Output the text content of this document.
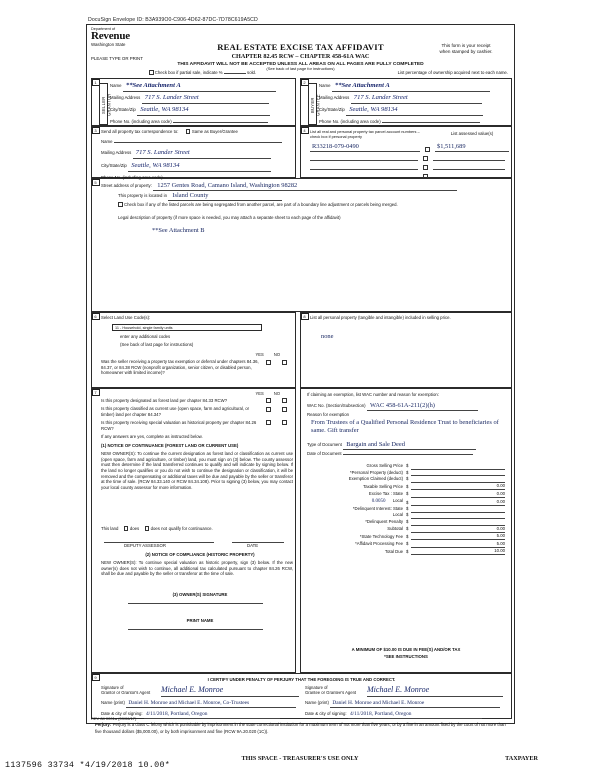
DocuSign Envelope ID: B3A939O0-C906-4D62-87DC-7D78C619A5CD
Department of
Revenue
Washington State	REAL ESTATE EXCISE TAX AFFIDAVIT
CHAPTER 82.45 RCW – CHAPTER 458-61A WAC
THIS AFFIDAVIT WILL NOT BE ACCEPTED UNLESS ALL AREAS ON ALL PAGES ARE FULLY COMPLETED
This form is your receipt
when stamped by cashier.
(See back of last page for instructions)
PLEASE TYPE OR PRINT
Check box if partial sale, indicate %	sold.	List percentage of ownership acquired next to each name.
1
SELLER GRANTOR
Name **See Attachment A
Mailing Address 717 S. Lander Street
City/State/Zip Seattle, WA 98134
Phone No. (including area code)
2
BUYER GRANTEE
Name **See Attachment A
Mailing Address 717 S. Lander Street
City/State/Zip Seattle, WA 98134
Phone No. (including area code)
3	Send all property tax correspondence to:	Same as Buyer/Grantee
Name
Mailing Address 717 S. Lander Street
City/State/Zip Seattle, WA 98134
Phone No. (including area code)
4	List all real and personal property tax parcel account numbers – check box if personal property
List assessed value(s)
R33218-079-0490	$1,511,689
5
Street address of property: 1257 Gentes Road, Camano Island, Washington 98282
This property is located in Island County
Check box if any of the listed parcels are being segregated from another parcel, are part of a boundary line adjustment or parcels being merged.
Legal description of property (if more space is needed, you may attach a separate sheet to each page of the affidavit)
**See Attachment B
6	Select Land Use Code(s):
11 - Household, single family units
enter any additional codes
(See back of last page for instructions)
YES NO
Was the seller receiving a property tax exemption or deferral under chapters 84.36, 84.37, or 84.38 RCW (nonprofit organization, senior citizen, or disabled person, homeowner with limited income)?
8	List all personal property (tangible and intangible) included in selling price.
none
7	YES NO
Is this property designated as forest land per chapter 84.33 RCW?
Is this property classified as current use (open space, farm and agricultural, or timber) land per chapter 84.34?
Is this property receiving special valuation as historical property per chapter 84.26 RCW?
If any answers are yes, complete as instructed below.
(1) NOTICE OF CONTINUANCE (FOREST LAND OR CURRENT USE)
NEW OWNER(S): To continue the current designation as forest land or classification as current use (open space, farm and agriculture, or timber) land, you must sign on (3) below. The county assessor must then determine if the land transferred continues to qualify and will indicate by signing below. If the land no longer qualifies or you do not wish to continue the designation or classification, it will be removed and the compensating or additional taxes will be due and payable by the seller or transferor at the time of sale. (RCW 84.33.140 or RCW 84.34.108). Prior to signing (3) below, you may contact your local county assessor for more information.
This land	does	does not qualify for continuance.
DEPUTY ASSESSOR	DATE
(2) NOTICE OF COMPLIANCE (HISTORIC PROPERTY)
NEW OWNER(S): To continue special valuation as historic property, sign (3) below. If the new owner(s) does not wish to continue, all additional tax calculated pursuant to chapter 84.26 RCW, shall be due and payable by the seller or transferor at the time of sale.
(3) OWNER(S) SIGNATURE
PRINT NAME
If claiming an exemption, list WAC number and reason for exemption:
WAC No. (Section/Subsection) WAC 458-61A-211(2)(h)
Reason for exemption
From Trustees of a Qualified Personal Residence Trust to beneficiaries of same. Gift transfer
Type of Document Bargain and Sale Deed
Date of Document
Gross Selling Price	$	
*Personal Property (deduct)	$	
Exemption Claimed (deduct)	$	
Taxable Selling Price	$	0.00
Excise Tax : State	$	0.00
0.0050 Local	$	0.00
*Delinquent Interest: State	$	
Local	$	
*Delinquent Penalty	$	
Subtotal	$	0.00
*State Technology Fee	$	5.00
*Affidavit Processing Fee	$	5.00
Total Due	$	10.00
A MINIMUM OF $10.00 IS DUE IN FEE(S) AND/OR TAX
*SEE INSTRUCTIONS
9	I CERTIFY UNDER PENALTY OF PERJURY THAT THE FOREGOING IS TRUE AND CORRECT.
Signature of
Grantor or Grantor's Agent	Michael E. Monroe
Name (print) Daniel H. Monroe and Michael E. Monroe, Co-Trustees
Date & city of signing: 4/11/2018, Portland, Oregon
Signature of
Grantee or Grantee's Agent	Michael E. Monroe
Name (print) Daniel H. Monroe and Michael E. Monroe
Date & city of signing: 4/11/2018, Portland, Oregon
Perjury: Perjury is a class C felony which is punishable by imprisonment in the state correctional institution for a maximum term of not more than five years, or by a fine in an amount fixed by the court of not more than five thousand dollars ($5,000.00), or by both imprisonment and fine (RCW 9A.20.020 (1C)).
REV 84 0001a (09/06/17)
THIS SPACE - TREASURER'S USE ONLY	TAXPAYER
1137596 33734 *4/19/2018 10.00*
